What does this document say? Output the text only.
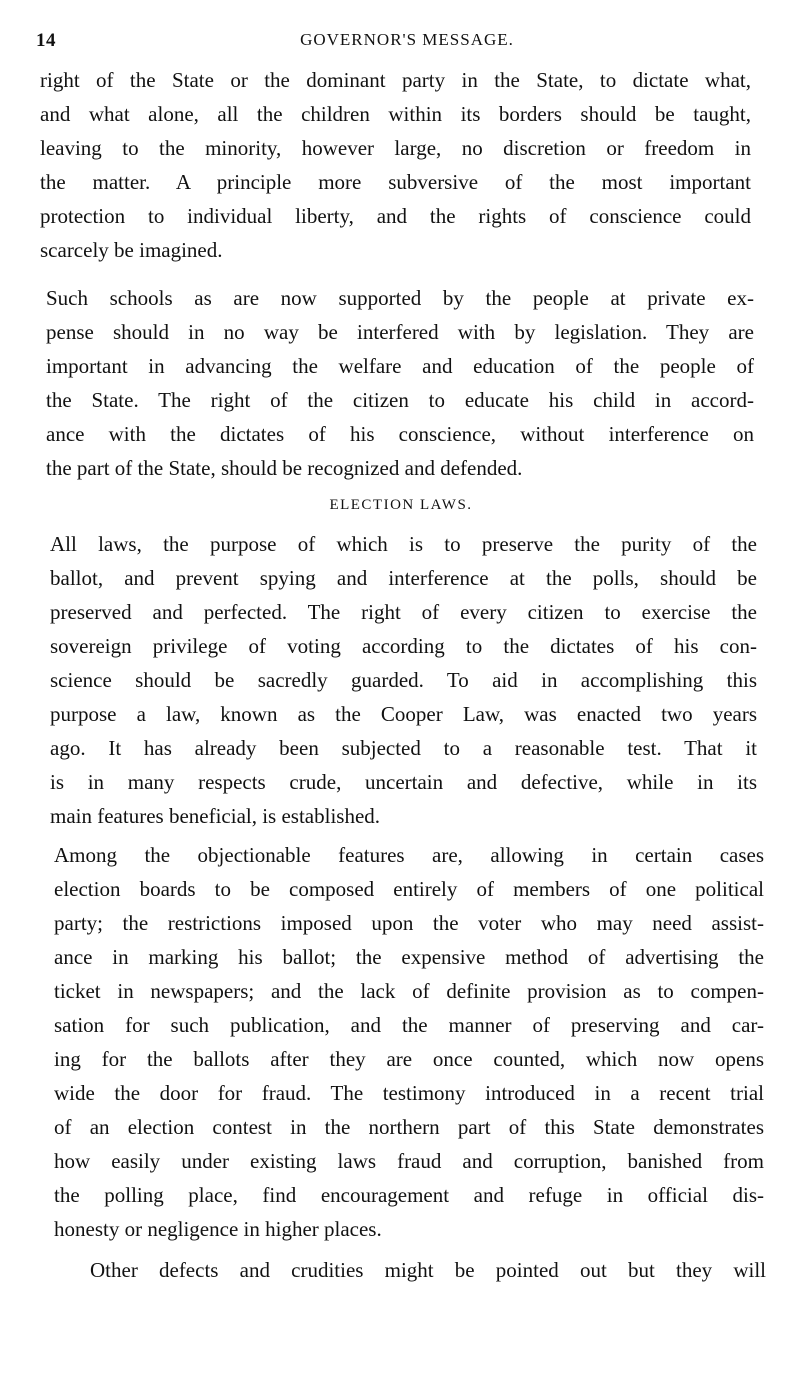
14	GOVERNOR'S MESSAGE.
right of the State or the dominant party in the State, to dictate what,
and what alone, all the children within its borders should be taught,
leaving to the minority, however large, no discretion or freedom in
the matter. A principle more subversive of the most important
protection to individual liberty, and the rights of conscience could
scarcely be imagined.
Such schools as are now supported by the people at private ex-
pense should in no way be interfered with by legislation. They are
important in advancing the welfare and education of the people of
the State. The right of the citizen to educate his child in accord-
ance with the dictates of his conscience, without interference on
the part of the State, should be recognized and defended.
ELECTION LAWS.
All laws, the purpose of which is to preserve the purity of the
ballot, and prevent spying and interference at the polls, should be
preserved and perfected. The right of every citizen to exercise the
sovereign privilege of voting according to the dictates of his con-
science should be sacredly guarded. To aid in accomplishing this
purpose a law, known as the Cooper Law, was enacted two years
ago. It has already been subjected to a reasonable test. That it
is in many respects crude, uncertain and defective, while in its
main features beneficial, is established.
Among the objectionable features are, allowing in certain cases
election boards to be composed entirely of members of one political
party; the restrictions imposed upon the voter who may need assist-
ance in marking his ballot; the expensive method of advertising the
ticket in newspapers; and the lack of definite provision as to compen-
sation for such publication, and the manner of preserving and car-
ing for the ballots after they are once counted, which now opens
wide the door for fraud. The testimony introduced in a recent trial
of an election contest in the northern part of this State demonstrates
how easily under existing laws fraud and corruption, banished from
the polling place, find encouragement and refuge in official dis-
honesty or negligence in higher places.
Other defects and crudities might be pointed out but they will
